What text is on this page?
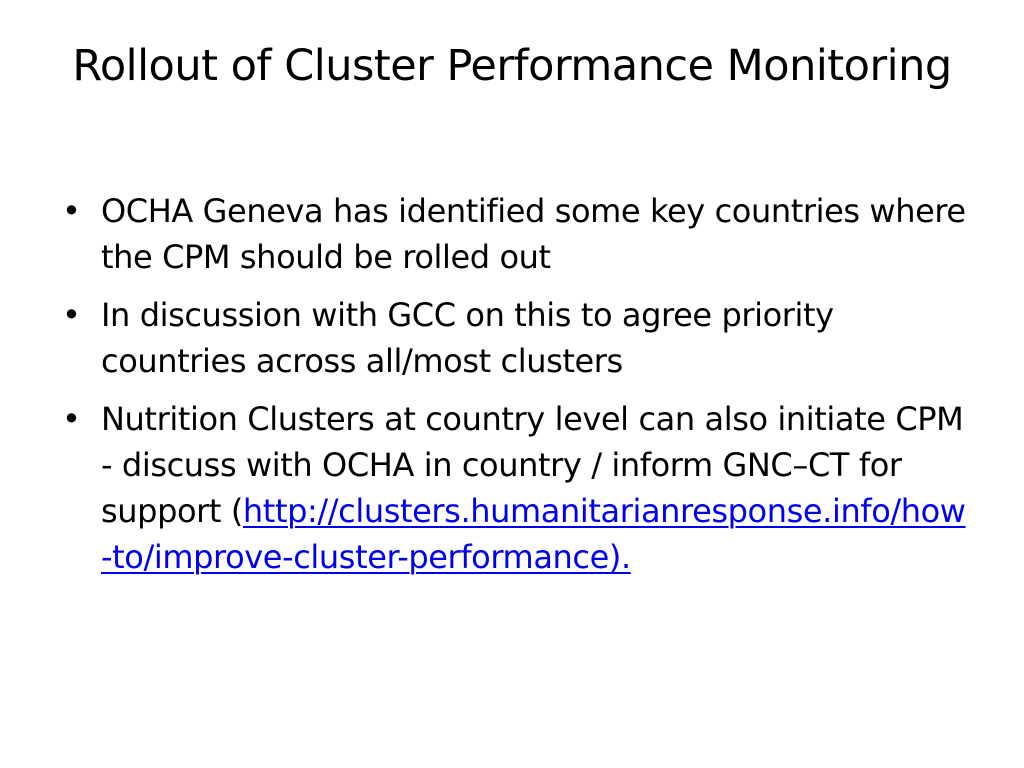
Rollout of Cluster Performance Monitoring
• OCHA Geneva has identified some key countries where the CPM should be rolled out
• In discussion with GCC on this to agree priority countries across all/most clusters
• Nutrition Clusters at country level can also initiate CPM - discuss with OCHA in country / inform GNC–CT for support (http://clusters.humanitarianresponse.info/how-to/improve-cluster-performance).
